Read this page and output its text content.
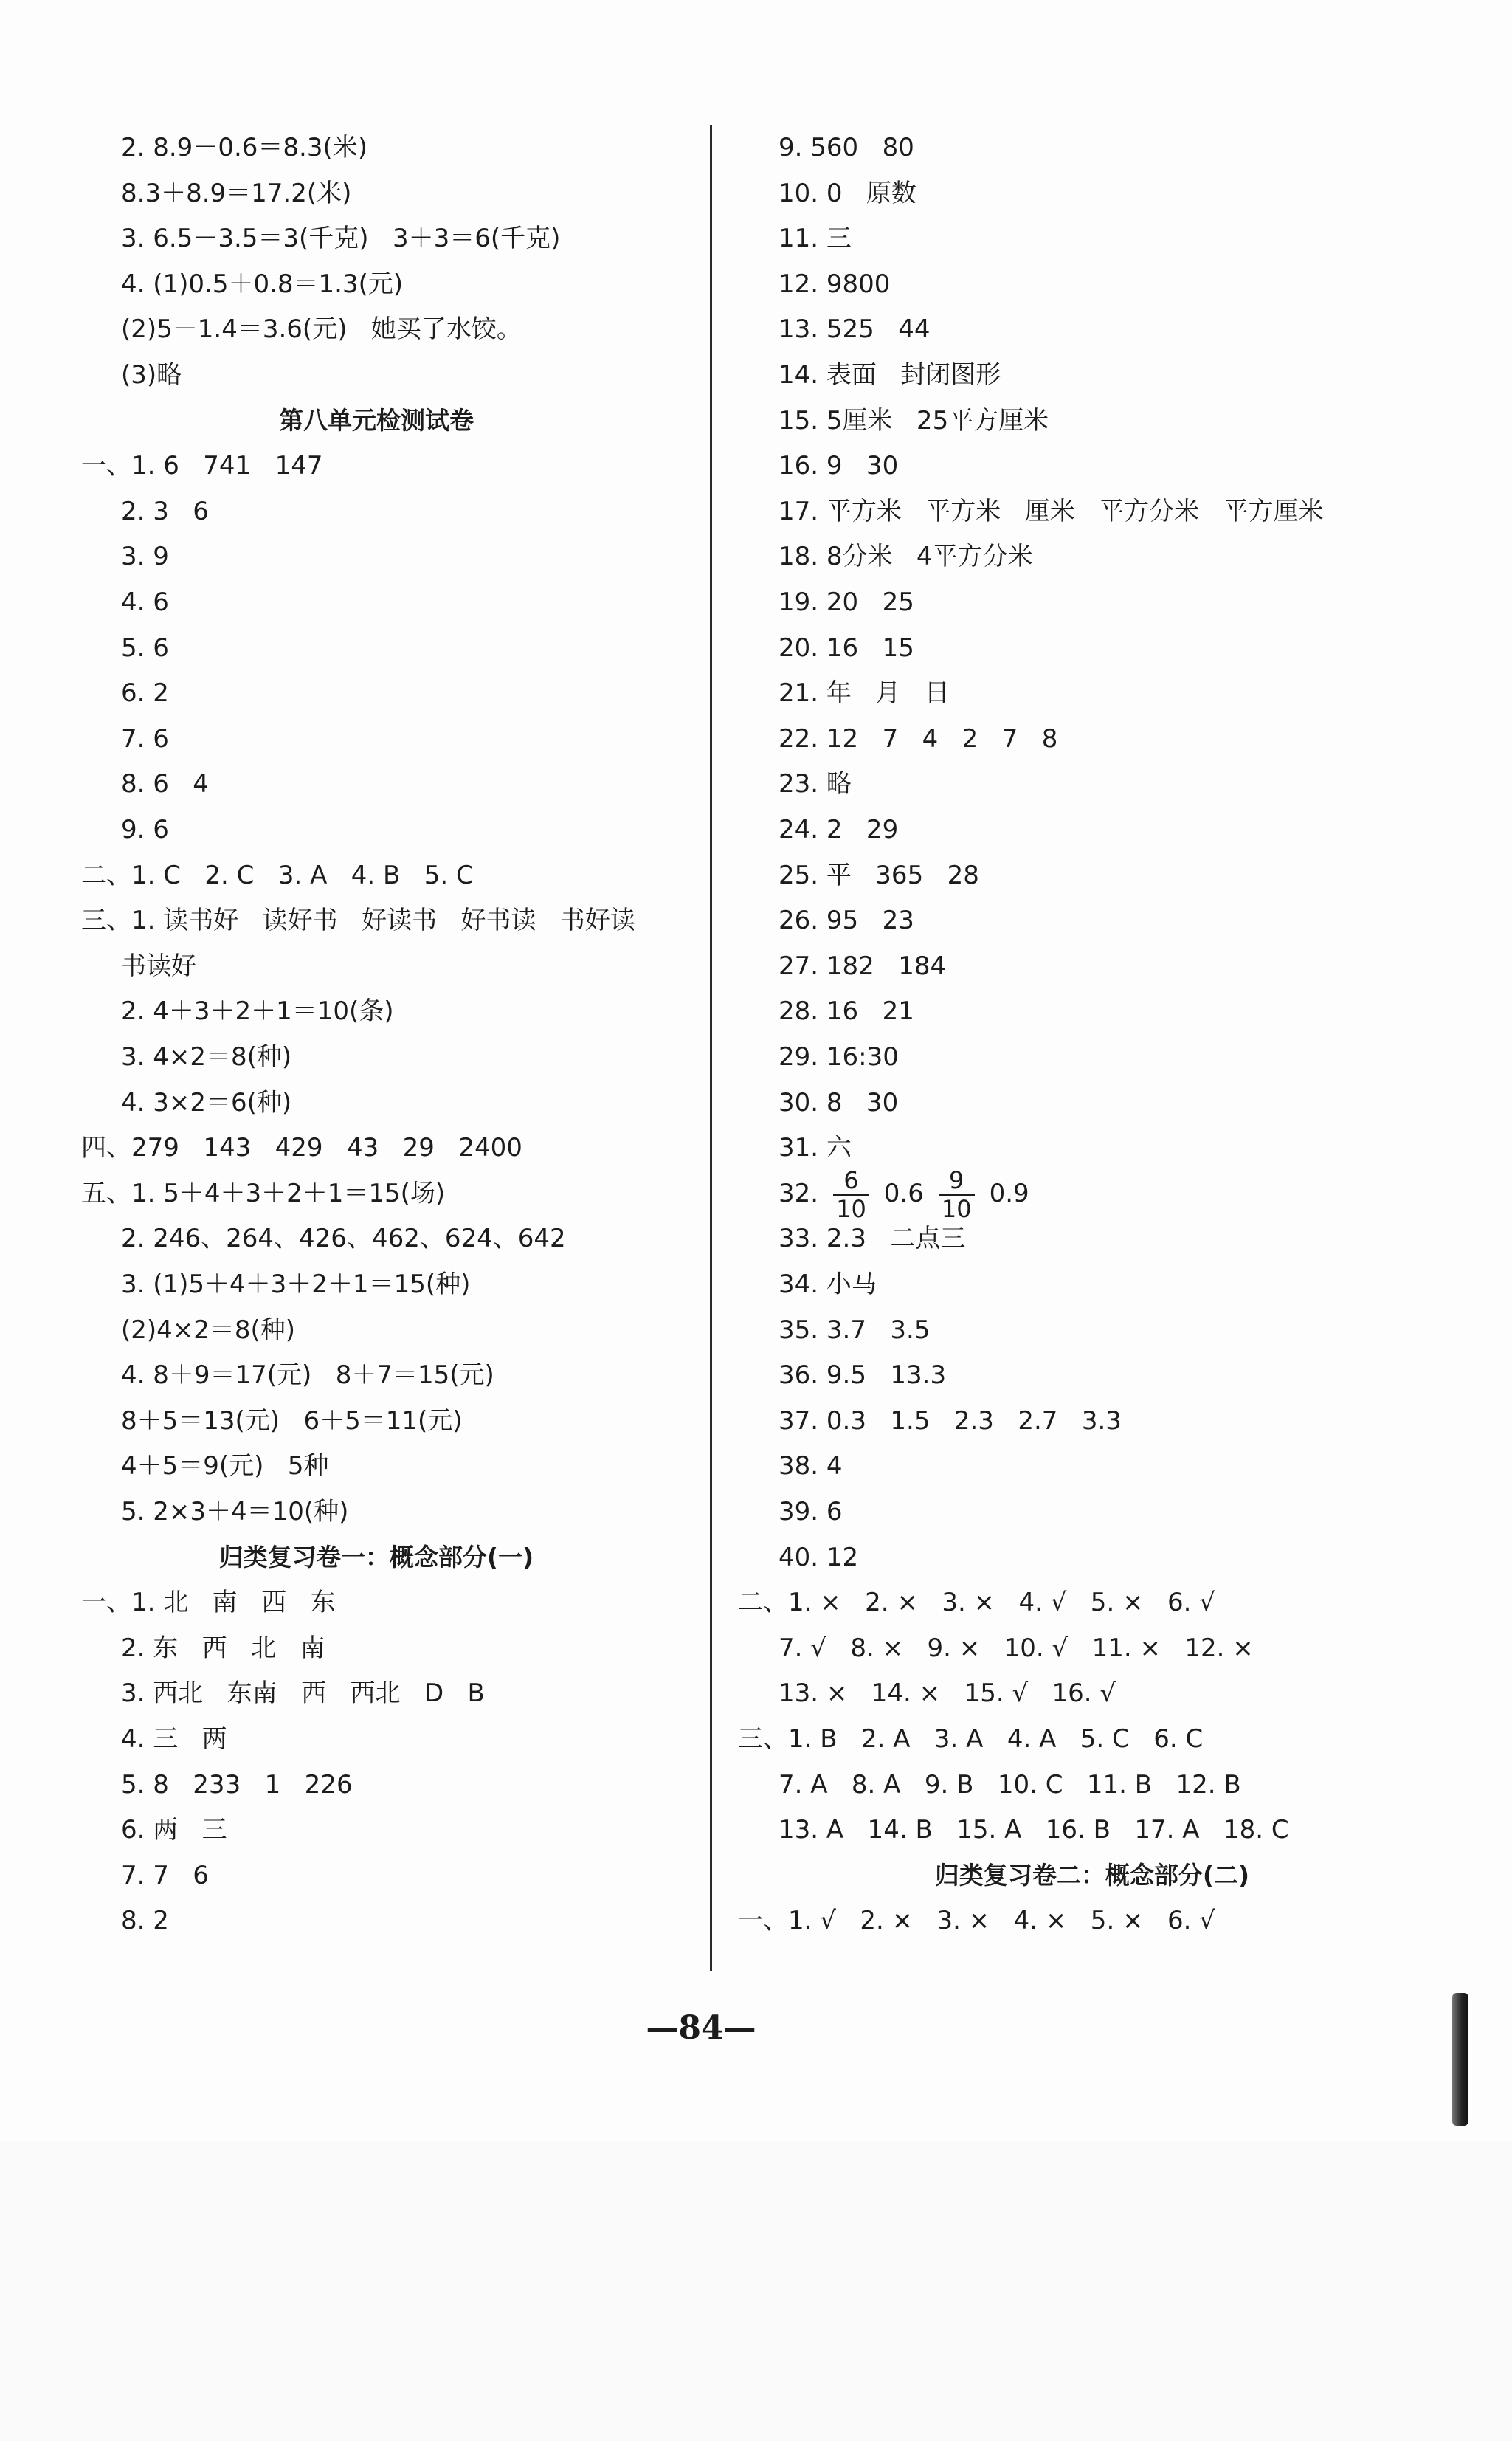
2. 8.9－0.6＝8.3(米)
8.3＋8.9＝17.2(米)
3. 6.5－3.5＝3(千克)   3＋3＝6(千克)
4. (1)0.5＋0.8＝1.3(元)
(2)5－1.4＝3.6(元)   她买了水饺。
(3)略
第八单元检测试卷
一、1. 6   741   147
2. 3   6
3. 9
4. 6
5. 6
6. 2
7. 6
8. 6   4
9. 6
二、1. C   2. C   3. A   4. B   5. C
三、1. 读书好   读好书   好读书   好书读   书好读
书读好
2. 4＋3＋2＋1＝10(条)
3. 4×2＝8(种)
4. 3×2＝6(种)
四、279   143   429   43   29   2400
五、1. 5＋4＋3＋2＋1＝15(场)
2. 246、264、426、462、624、642
3. (1)5＋4＋3＋2＋1＝15(种)
(2)4×2＝8(种)
4. 8＋9＝17(元)   8＋7＝15(元)
8＋5＝13(元)   6＋5＝11(元)
4＋5＝9(元)   5种
5. 2×3＋4＝10(种)
归类复习卷一：概念部分(一)
一、1. 北   南   西   东
2. 东   西   北   南
3. 西北   东南   西   西北   D   B
4. 三   两
5. 8   233   1   226
6. 两   三
7. 7   6
8. 2
9. 560   80
10. 0   原数
11. 三
12. 9800
13. 525   44
14. 表面   封闭图形
15. 5厘米   25平方厘米
16. 9   30
17. 平方米   平方米   厘米   平方分米   平方厘米
18. 8分米   4平方分米
19. 20   25
20. 16   15
21. 年   月   日
22. 12   7   4   2   7   8
23. 略
24. 2   29
25. 平   365   28
26. 95   23
27. 182   184
28. 16   21
29. 16:30
30. 8   30
31. 六
32. $\frac{6}{10} 0.6 \frac{9}{10} 0.9$
33. 2.3   二点三
34. 小马
35. 3.7   3.5
36. 9.5   13.3
37. 0.3   1.5   2.3   2.7   3.3
38. 4
39. 6
40. 12
二、1. ×   2. ×   3. ×   4. √   5. ×   6. √
7. √   8. ×   9. ×   10. √   11. ×   12. ×
13. ×   14. ×   15. √   16. √
三、1. B   2. A   3. A   4. A   5. C   6. C
7. A   8. A   9. B   10. C   11. B   12. B
13. A   14. B   15. A   16. B   17. A   18. C
归类复习卷二：概念部分(二)
一、1. √   2. ×   3. ×   4. ×   5. ×   6. √
—84—
